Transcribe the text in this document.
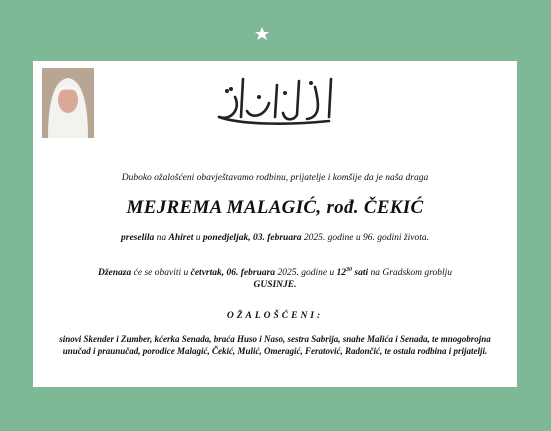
Duboko ožalošćeni obavještavamo rodbinu, prijatelje i komšije da je naša draga
MEJREMA MALAGIĆ, rođ. ČEKIĆ
preselila na Ahiret u ponedjeljak, 03. februara 2025. godine u 96. godini života.
Dženaza će se obaviti u četvrtak, 06. februara 2025. godine u $12^{30}$ sati na Gradskom groblju
GUSINJE.
OŽALOŠĆENI:
sinovi Skender i Zumber, kćerka Senada, braća Huso i Naso, sestra Sabrija, snahe Malića i Senada, te mnogobrojna unučad i praunučad, porodice Malagić, Čekić, Mulić, Omeragić, Feratović, Radončić, te ostala rodbina i prijatelji.
